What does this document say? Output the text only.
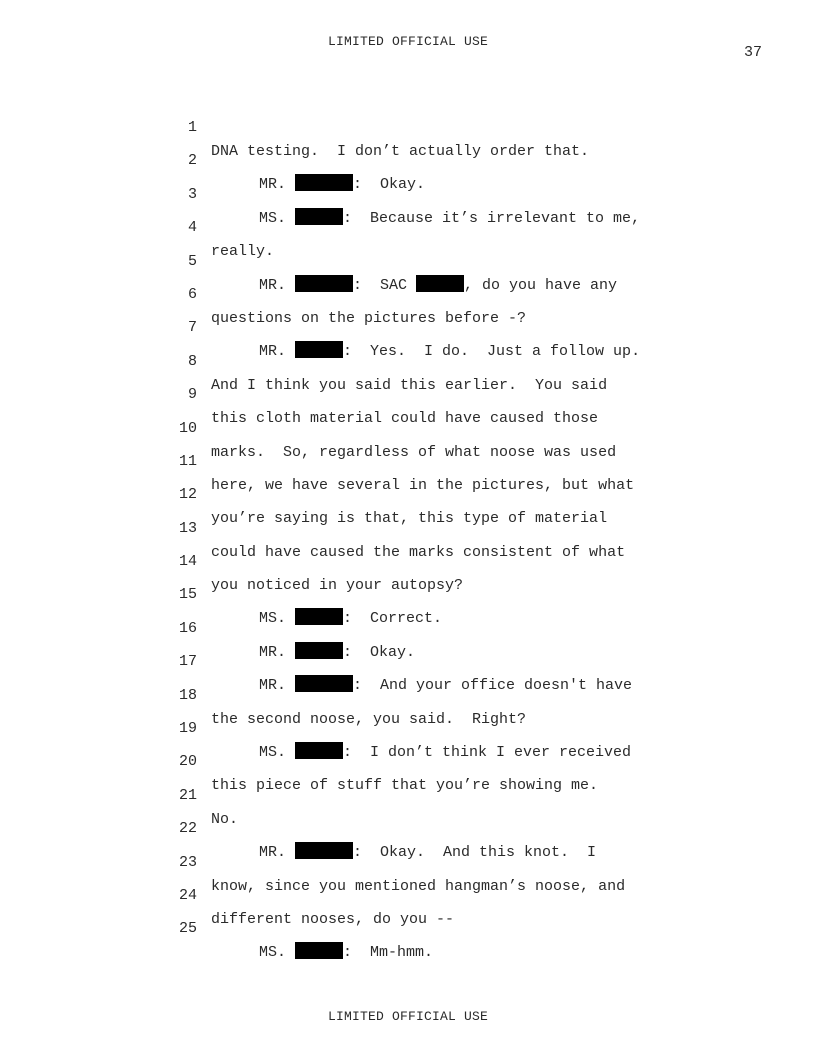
LIMITED OFFICIAL USE
37

1

DNA testing.  I don’t actually order that.

2

MR.	:  Okay.

3

MS.	:  Because it’s irrelevant to me,

4

really.

5

MR.	:  SAC	, do you have any

6

questions on the pictures before -?

7

MR.	:  Yes.  I do.  Just a follow up.

8

And I think you said this earlier.  You said

9

this cloth material could have caused those

10

marks.  So, regardless of what noose was used

11

here, we have several in the pictures, but what

12

you’re saying is that, this type of material

13

could have caused the marks consistent of what

14

you noticed in your autopsy?

15

MS.	:  Correct.

16

MR.	:  Okay.

17

MR.	:  And your office doesn't have

18

the second noose, you said.  Right?

19

MS.	:  I don’t think I ever received

20

this piece of stuff that you’re showing me.

21

No.

22

MR.	:  Okay.  And this knot.  I

23

know, since you mentioned hangman’s noose, and

24

different nooses, do you --

25

MS.	:  Mm-hmm.

LIMITED OFFICIAL USE
